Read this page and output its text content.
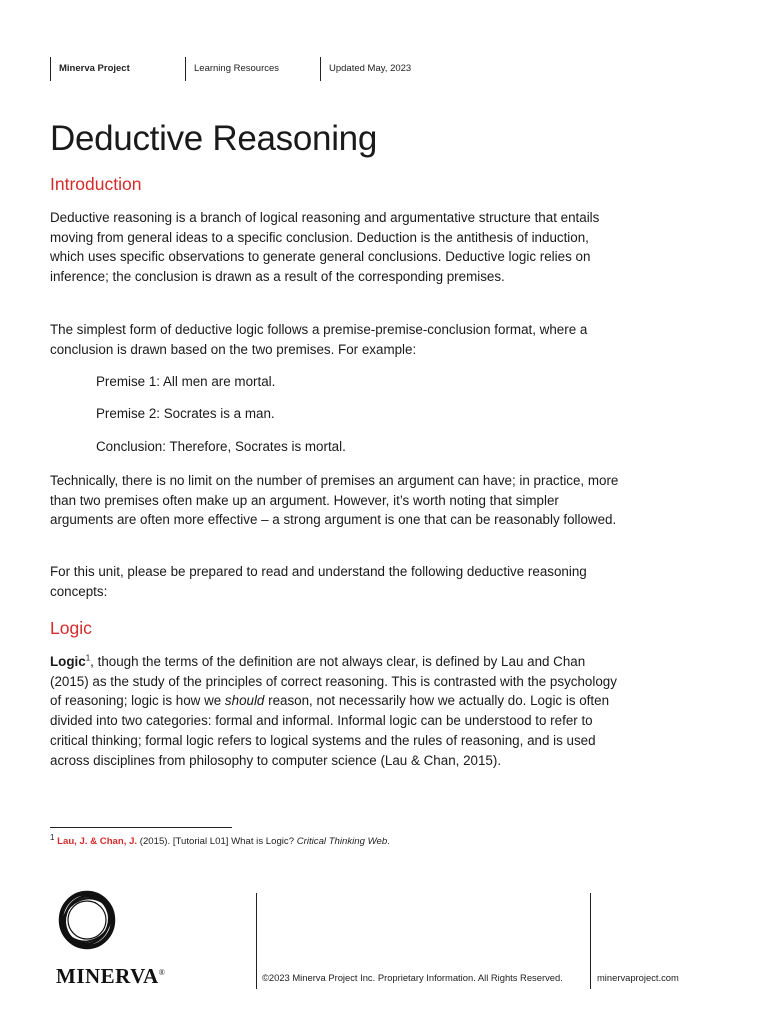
Minerva Project	Learning Resources	Updated May, 2023
Deductive Reasoning
Introduction

Deductive reasoning is a branch of logical reasoning and argumentative structure that entails moving from general ideas to a specific conclusion. Deduction is the antithesis of induction, which uses specific observations to generate general conclusions. Deductive logic relies on inference; the conclusion is drawn as a result of the corresponding premises.

The simplest form of deductive logic follows a premise-premise-conclusion format, where a conclusion is drawn based on the two premises. For example:

Premise 1: All men are mortal.

Premise 2: Socrates is a man.

Conclusion: Therefore, Socrates is mortal.

Technically, there is no limit on the number of premises an argument can have; in practice, more than two premises often make up an argument. However, it’s worth noting that simpler arguments are often more effective – a strong argument is one that can be reasonably followed.

For this unit, please be prepared to read and understand the following deductive reasoning concepts:

Logic

Logic$^1$, though the terms of the definition are not always clear, is defined by Lau and Chan (2015) as the study of the principles of correct reasoning. This is contrasted with the psychology of reasoning; logic is how we should reason, not necessarily how we actually do. Logic is often divided into two categories: formal and informal. Informal logic can be understood to refer to critical thinking; formal logic refers to logical systems and the rules of reasoning, and is used across disciplines from philosophy to computer science (Lau & Chan, 2015).

$^1$ Lau, J. & Chan, J. (2015). [Tutorial L01] What is Logic? Critical Thinking Web.
MINERVA®	©2023 Minerva Project Inc. Proprietary Information. All Rights Reserved.	minervaproject.com
